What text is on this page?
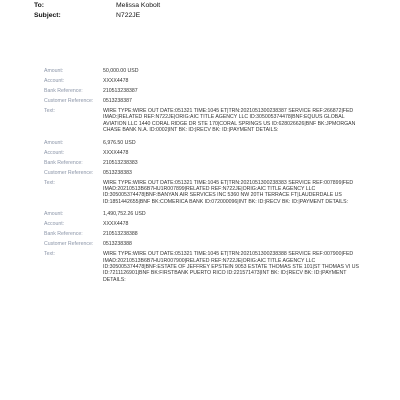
To:	Melissa Kobolt
Subject:	N722JE
Amount:	50,000.00 USD
Account:	XXXX4478
Bank Reference:	210513238387
Customer Reference:	0513238387
Text:	WIRE TYPE:WIRE OUT DATE:051321 TIME:1045 ET|TRN:2021051300238387 SERVICE REF:266872|FED IMAD:|RELATED REF:N722JE|ORIG:AIC TITLE AGENCY LLC ID:305005374478|BNF:EQUUS GLOBAL AVIATION LLC 1440 CORAL RIDGE DR STE 170|CORAL SPRINGS US ID:628026626|BNF BK:JPMORGAN CHASE BANK N.A. ID:0002|INT BK: ID:|RECV BK: ID:|PAYMENT DETAILS:
Amount:	6,976.50 USD
Account:	XXXX4478
Bank Reference:	210513238383
Customer Reference:	0513238383
Text:	WIRE TYPE:WIRE OUT DATE:051321 TIME:1045 ET|TRN:2021051300238383 SERVICE REF:007899|FED IMAD:20210513B6B7HU1R007899|RELATED REF:N722JE|ORIG:AIC TITLE AGENCY LLC ID:305005374478|BNF:BANYAN AIR SERVICES INC 5360 NW 20TH TERRACE FT|LAUDERDALE US ID:1851442655|BNF BK:COMERICA BANK ID:072000096|INT BK: ID:|RECV BK: ID:|PAYMENT DETAILS:
Amount:	1,490,752.26 USD
Account:	XXXX4478
Bank Reference:	210513238388
Customer Reference:	0513238388
Text:	WIRE TYPE:WIRE OUT DATE:051321 TIME:1045 ET|TRN:2021051300238388 SERVICE REF:007900|FED IMAD:20210513B6B7HU1R007900|RELATED REF:N722JE|ORIG:AIC TITLE AGENCY LLC ID:305005374478|BNF:ESTATE OF JEFFREY EPSTEIN 9053 ESTATE THOMAS STE 101|ST THOMAS VI US ID:7211126901|BNF BK:FIRSTBANK PUERTO RICO ID:221571473|INT BK: ID:|RECV BK: ID:|PAYMENT DETAILS:
